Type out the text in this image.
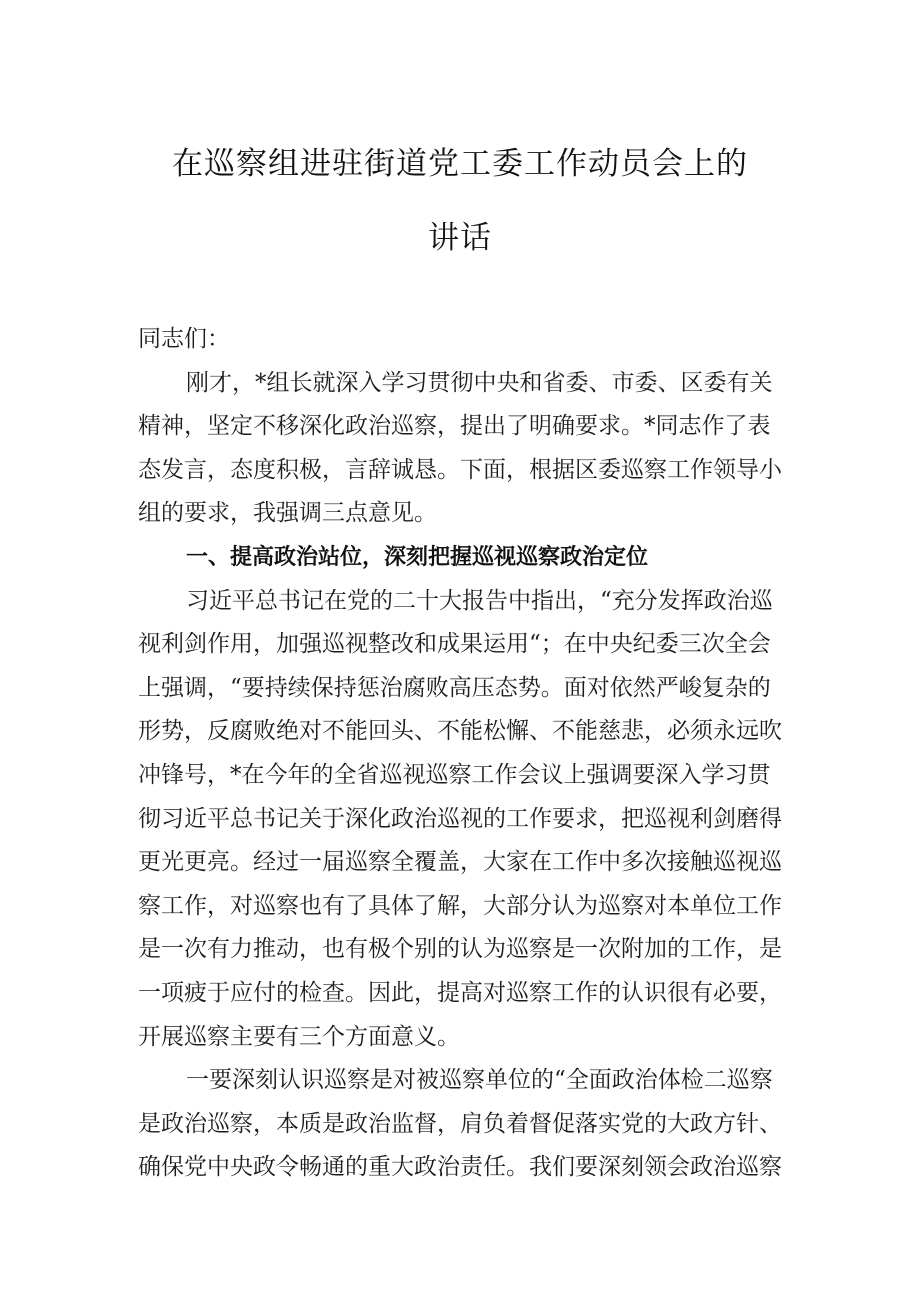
在巡察组进驻街道党工委工作动员会上的
讲话
同志们：
刚才，*组长就深入学习贯彻中央和省委、市委、区委有关
精神，坚定不移深化政治巡察，提出了明确要求。*同志作了表
态发言，态度积极，言辞诚恳。下面，根据区委巡察工作领导小
组的要求，我强调三点意见。
一、提高政治站位，深刻把握巡视巡察政治定位
习近平总书记在党的二十大报告中指出，“充分发挥政治巡
视利剑作用，加强巡视整改和成果运用“；在中央纪委三次全会
上强调，“要持续保持惩治腐败高压态势。面对依然严峻复杂的
形势，反腐败绝对不能回头、不能松懈、不能慈悲，必须永远吹
冲锋号，*在今年的全省巡视巡察工作会议上强调要深入学习贯
彻习近平总书记关于深化政治巡视的工作要求，把巡视利剑磨得
更光更亮。经过一届巡察全覆盖，大家在工作中多次接触巡视巡
察工作，对巡察也有了具体了解，大部分认为巡察对本单位工作
是一次有力推动，也有极个别的认为巡察是一次附加的工作，是
一项疲于应付的检查。因此，提高对巡察工作的认识很有必要，
开展巡察主要有三个方面意义。
一要深刻认识巡察是对被巡察单位的“全面政治体检二巡察
是政治巡察，本质是政治监督，肩负着督促落实党的大政方针、
确保党中央政令畅通的重大政治责任。我们要深刻领会政治巡察
